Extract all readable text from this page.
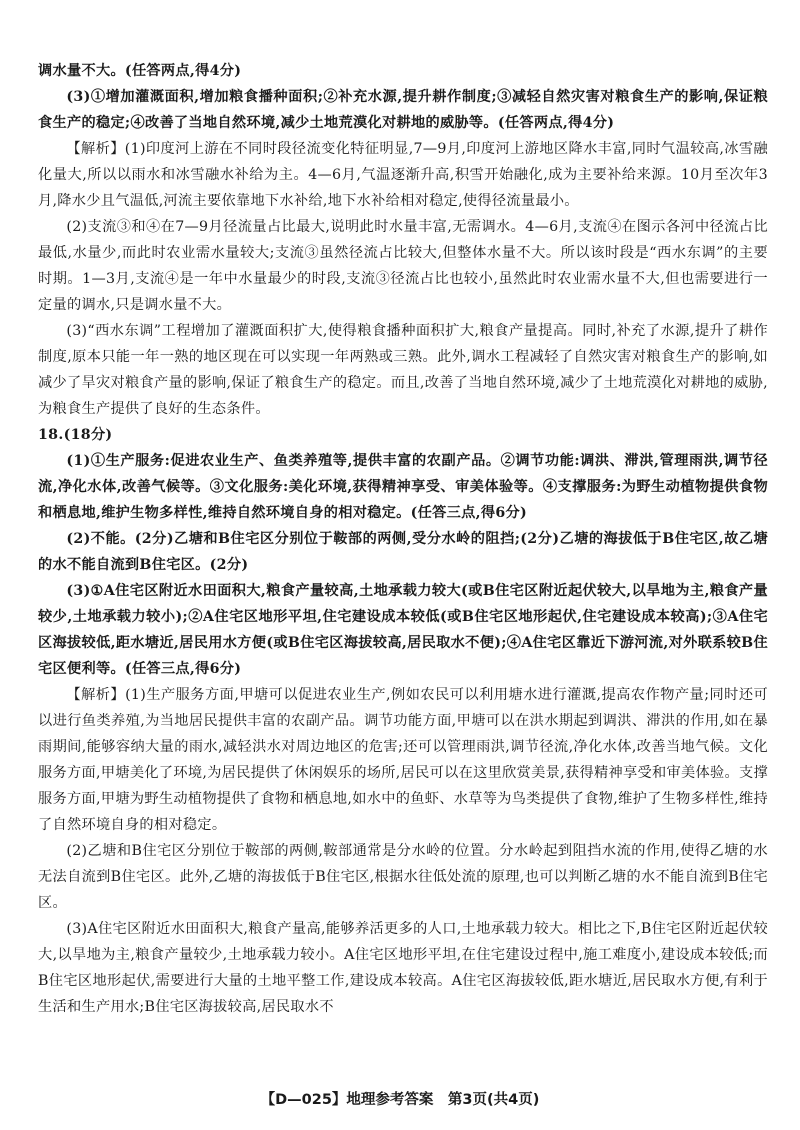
调水量不大。(任答两点,得4分)

(3)①增加灌溉面积,增加粮食播种面积;②补充水源,提升耕作制度;③减轻自然灾害对粮食生产的影响,保证粮食生产的稳定;④改善了当地自然环境,减少土地荒漠化对耕地的威胁等。(任答两点,得4分)

【解析】(1)印度河上游在不同时段径流变化特征明显,7—9月,印度河上游地区降水丰富,同时气温较高,冰雪融化量大,所以以雨水和冰雪融水补给为主。4—6月,气温逐渐升高,积雪开始融化,成为主要补给来源。10月至次年3月,降水少且气温低,河流主要依靠地下水补给,地下水补给相对稳定,使得径流量最小。

(2)支流③和④在7—9月径流量占比最大,说明此时水量丰富,无需调水。4—6月,支流④在图示各河中径流占比最低,水量少,而此时农业需水量较大;支流③虽然径流占比较大,但整体水量不大。所以该时段是“西水东调”的主要时期。1—3月,支流④是一年中水量最少的时段,支流③径流占比也较小,虽然此时农业需水量不大,但也需要进行一定量的调水,只是调水量不大。

(3)“西水东调”工程增加了灌溉面积扩大,使得粮食播种面积扩大,粮食产量提高。同时,补充了水源,提升了耕作制度,原本只能一年一熟的地区现在可以实现一年两熟或三熟。此外,调水工程减轻了自然灾害对粮食生产的影响,如减少了旱灾对粮食产量的影响,保证了粮食生产的稳定。而且,改善了当地自然环境,减少了土地荒漠化对耕地的威胁,为粮食生产提供了良好的生态条件。

18.(18分)

(1)①生产服务:促进农业生产、鱼类养殖等,提供丰富的农副产品。②调节功能:调洪、滞洪,管理雨洪,调节径流,净化水体,改善气候等。③文化服务:美化环境,获得精神享受、审美体验等。④支撑服务:为野生动植物提供食物和栖息地,维护生物多样性,维持自然环境自身的相对稳定。(任答三点,得6分)

(2)不能。(2分)乙塘和B住宅区分别位于鞍部的两侧,受分水岭的阻挡;(2分)乙塘的海拔低于B住宅区,故乙塘的水不能自流到B住宅区。(2分)

(3)①A住宅区附近水田面积大,粮食产量较高,土地承载力较大(或B住宅区附近起伏较大,以旱地为主,粮食产量较少,土地承载力较小);②A住宅区地形平坦,住宅建设成本较低(或B住宅区地形起伏,住宅建设成本较高);③A住宅区海拔较低,距水塘近,居民用水方便(或B住宅区海拔较高,居民取水不便);④A住宅区靠近下游河流,对外联系较B住宅区便利等。(任答三点,得6分)

【解析】(1)生产服务方面,甲塘可以促进农业生产,例如农民可以利用塘水进行灌溉,提高农作物产量;同时还可以进行鱼类养殖,为当地居民提供丰富的农副产品。调节功能方面,甲塘可以在洪水期起到调洪、滞洪的作用,如在暴雨期间,能够容纳大量的雨水,减轻洪水对周边地区的危害;还可以管理雨洪,调节径流,净化水体,改善当地气候。文化服务方面,甲塘美化了环境,为居民提供了休闲娱乐的场所,居民可以在这里欣赏美景,获得精神享受和审美体验。支撑服务方面,甲塘为野生动植物提供了食物和栖息地,如水中的鱼虾、水草等为鸟类提供了食物,维护了生物多样性,维持了自然环境自身的相对稳定。

(2)乙塘和B住宅区分别位于鞍部的两侧,鞍部通常是分水岭的位置。分水岭起到阻挡水流的作用,使得乙塘的水无法自流到B住宅区。此外,乙塘的海拔低于B住宅区,根据水往低处流的原理,也可以判断乙塘的水不能自流到B住宅区。

(3)A住宅区附近水田面积大,粮食产量高,能够养活更多的人口,土地承载力较大。相比之下,B住宅区附近起伏较大,以旱地为主,粮食产量较少,土地承载力较小。A住宅区地形平坦,在住宅建设过程中,施工难度小,建设成本较低;而B住宅区地形起伏,需要进行大量的土地平整工作,建设成本较高。A住宅区海拔较低,距水塘近,居民取水方便,有利于生活和生产用水;B住宅区海拔较高,居民取水不

【D—025】地理参考答案　第3页(共4页)
